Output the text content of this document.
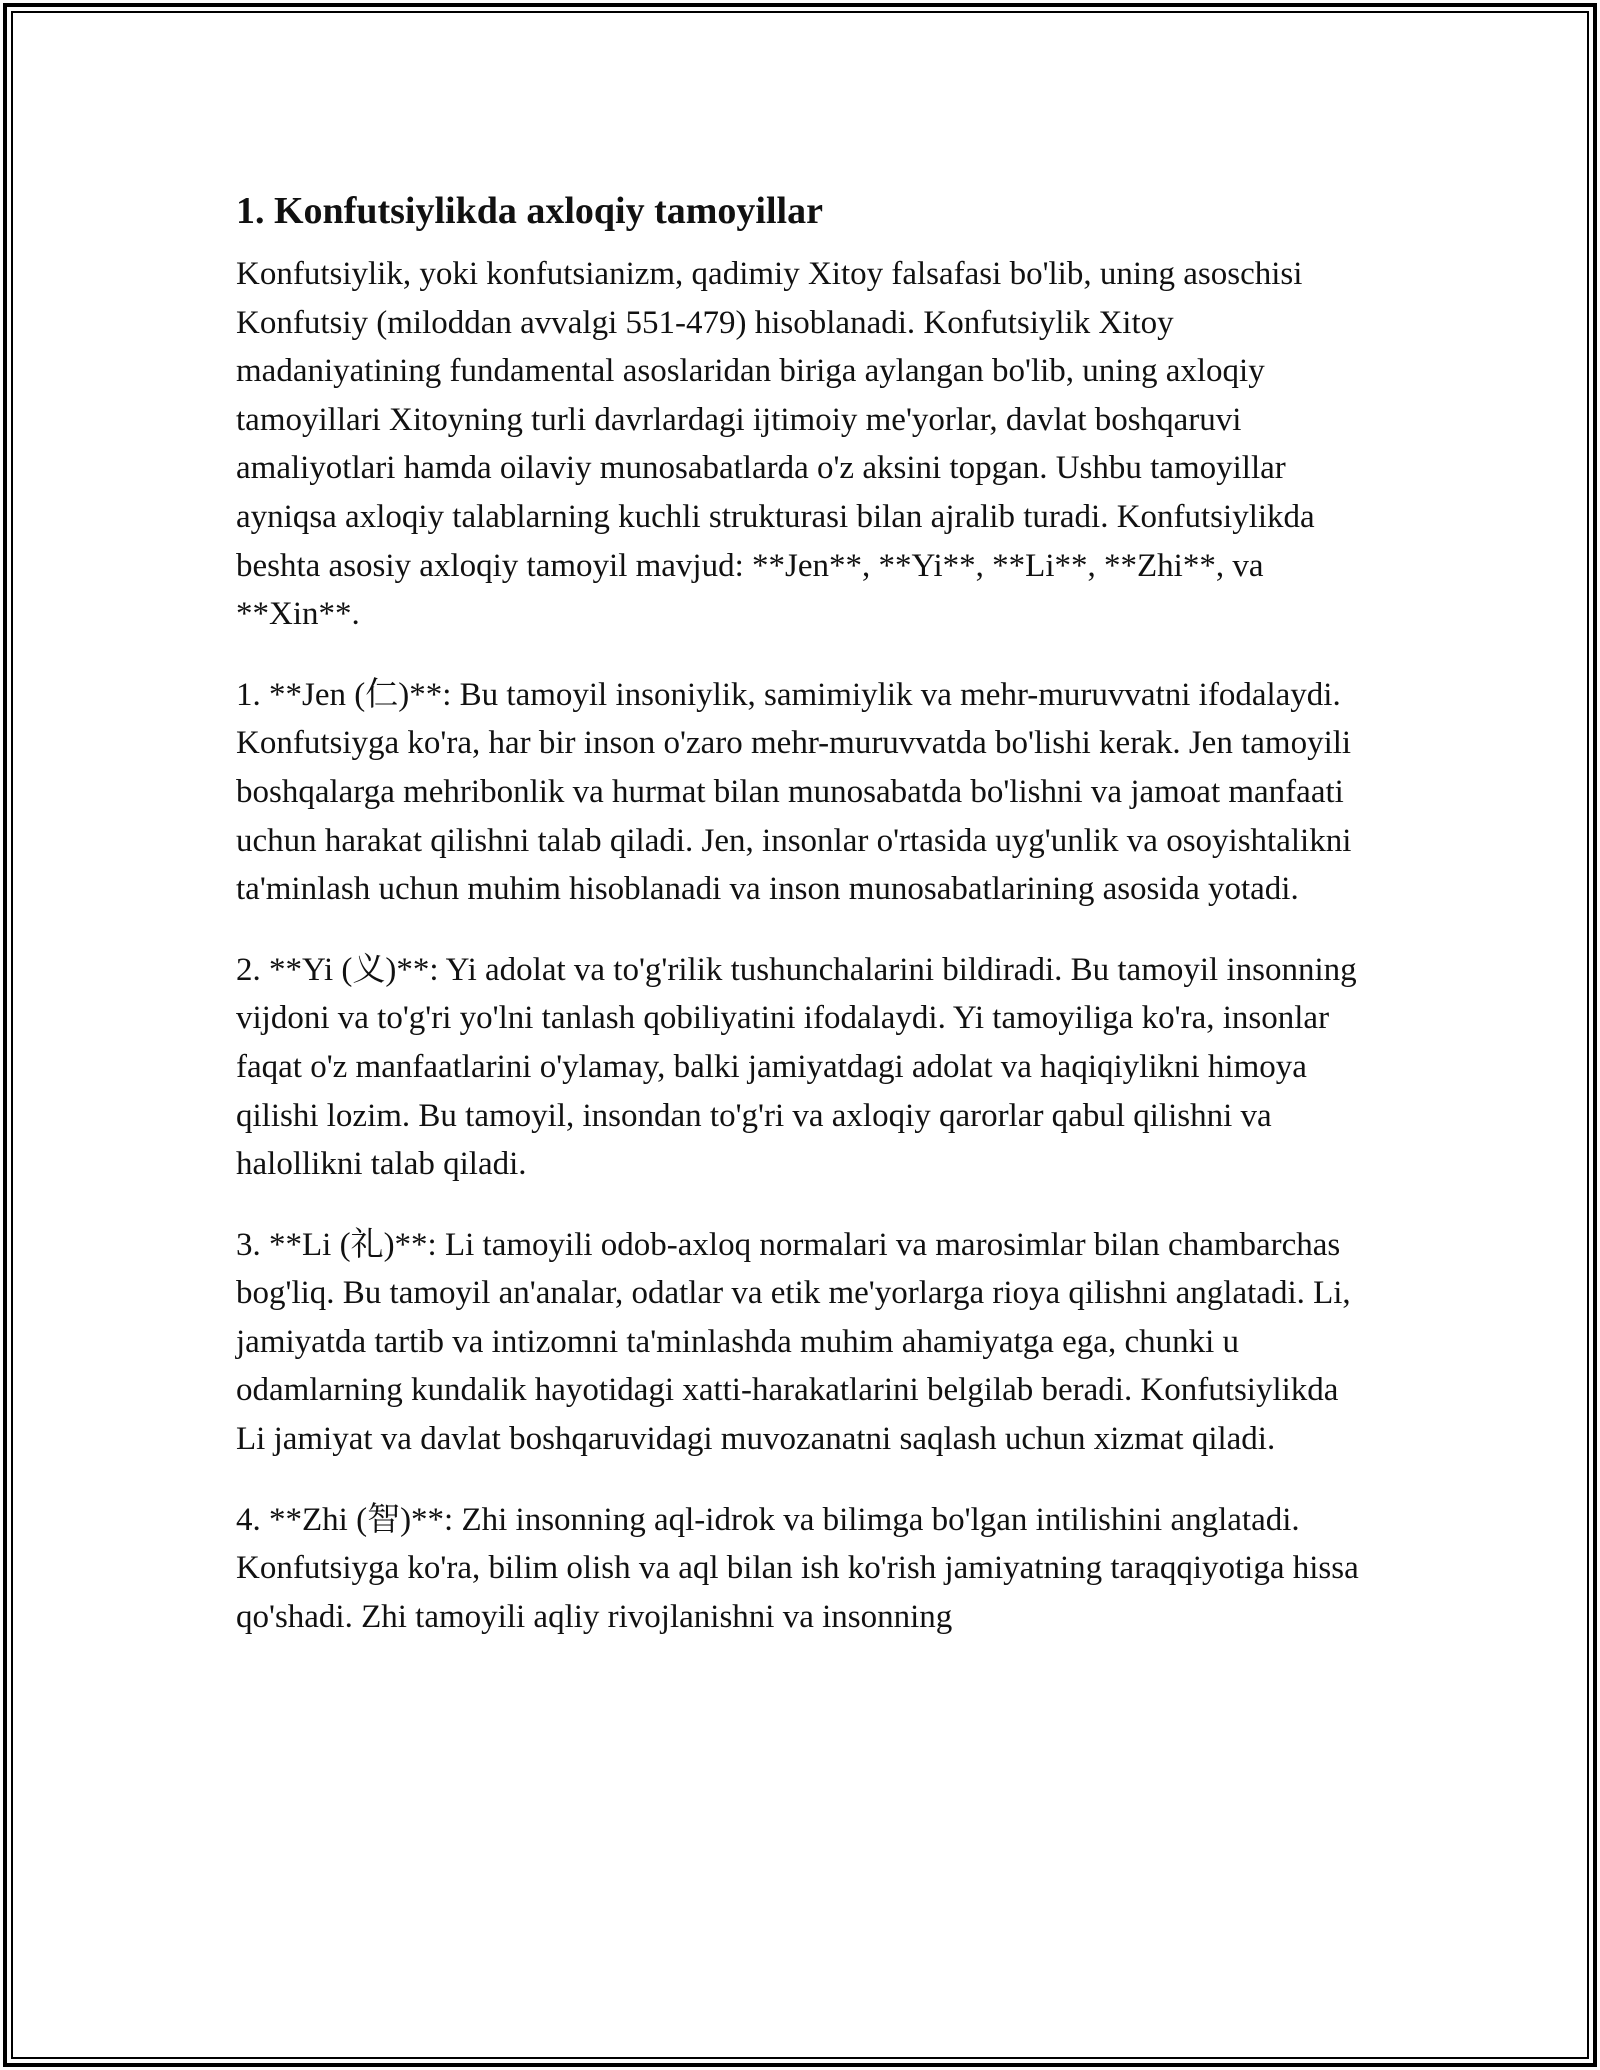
1. Konfutsiylikda axloqiy tamoyillar

Konfutsiylik, yoki konfutsianizm, qadimiy Xitoy falsafasi bo'lib, uning asoschisi Konfutsiy (miloddan avvalgi 551-479) hisoblanadi. Konfutsiylik Xitoy madaniyatining fundamental asoslaridan biriga aylangan bo'lib, uning axloqiy tamoyillari Xitoyning turli davrlardagi ijtimoiy me'yorlar, davlat boshqaruvi amaliyotlari hamda oilaviy munosabatlarda o'z aksini topgan. Ushbu tamoyillar ayniqsa axloqiy talablarning kuchli strukturasi bilan ajralib turadi. Konfutsiylikda beshta asosiy axloqiy tamoyil mavjud: **Jen**, **Yi**, **Li**, **Zhi**, va **Xin**.

1. **Jen (仁)**: Bu tamoyil insoniylik, samimiylik va mehr-muruvvatni ifodalaydi. Konfutsiyga ko'ra, har bir inson o'zaro mehr-muruvvatda bo'lishi kerak. Jen tamoyili boshqalarga mehribonlik va hurmat bilan munosabatda bo'lishni va jamoat manfaati uchun harakat qilishni talab qiladi. Jen, insonlar o'rtasida uyg'unlik va osoyishtalikni ta'minlash uchun muhim hisoblanadi va inson munosabatlarining asosida yotadi.

2. **Yi (义)**: Yi adolat va to'g'rilik tushunchalarini bildiradi. Bu tamoyil insonning vijdoni va to'g'ri yo'lni tanlash qobiliyatini ifodalaydi. Yi tamoyiliga ko'ra, insonlar faqat o'z manfaatlarini o'ylamay, balki jamiyatdagi adolat va haqiqiylikni himoya qilishi lozim. Bu tamoyil, insondan to'g'ri va axloqiy qarorlar qabul qilishni va halollikni talab qiladi.

3. **Li (礼)**: Li tamoyili odob-axloq normalari va marosimlar bilan chambarchas bog'liq. Bu tamoyil an'analar, odatlar va etik me'yorlarga rioya qilishni anglatadi. Li, jamiyatda tartib va intizomni ta'minlashda muhim ahamiyatga ega, chunki u odamlarning kundalik hayotidagi xatti-harakatlarini belgilab beradi. Konfutsiylikda Li jamiyat va davlat boshqaruvidagi muvozanatni saqlash uchun xizmat qiladi.

4. **Zhi (智)**: Zhi insonning aql-idrok va bilimga bo'lgan intilishini anglatadi. Konfutsiyga ko'ra, bilim olish va aql bilan ish ko'rish jamiyatning taraqqiyotiga hissa qo'shadi. Zhi tamoyili aqliy rivojlanishni va insonning
